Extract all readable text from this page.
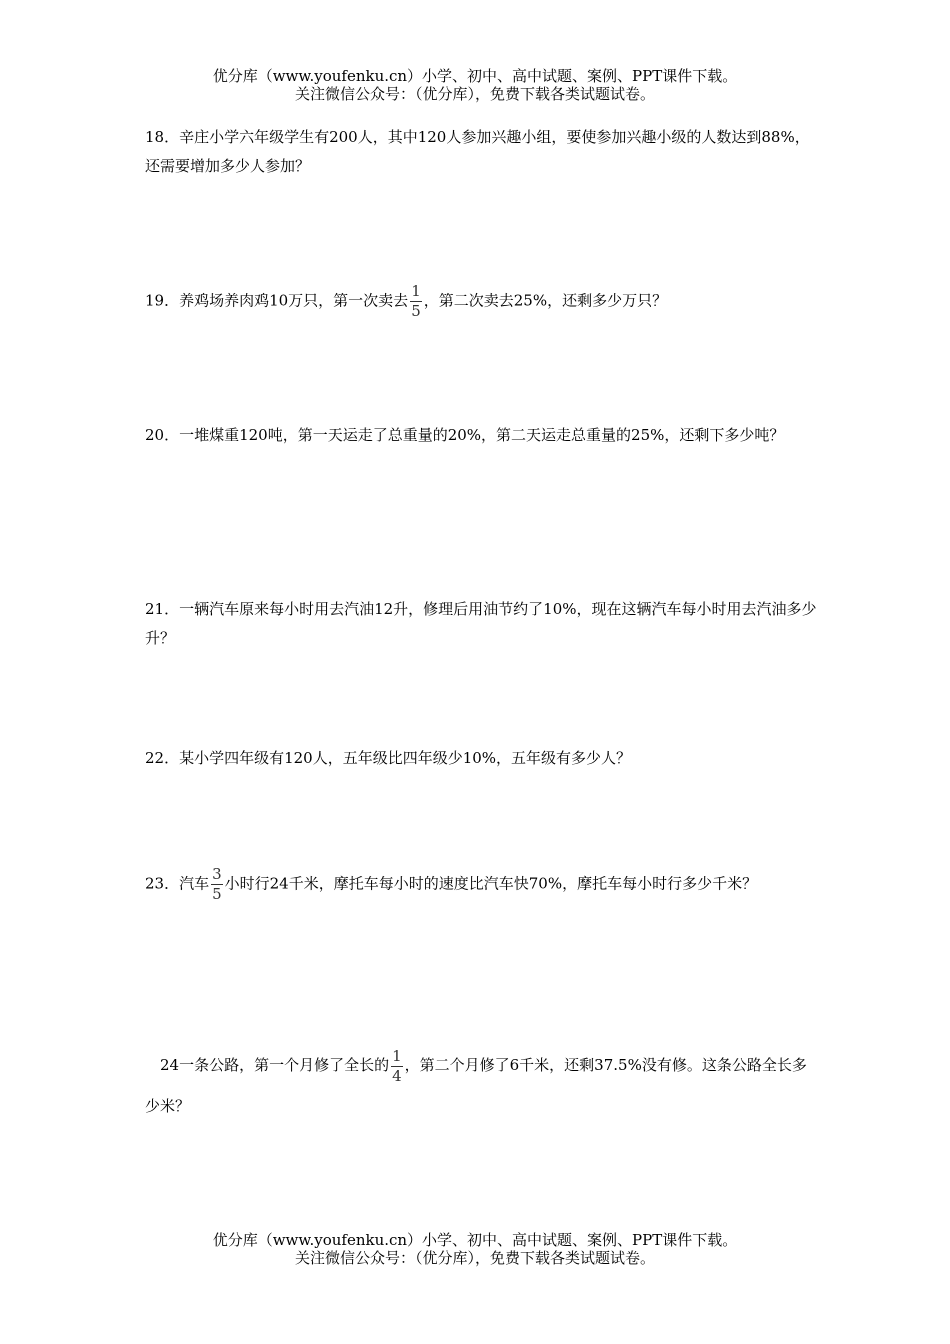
优分库（www.youfenku.cn）小学、初中、高中试题、案例、PPT课件下载。
关注微信公众号：（优分库），免费下载各类试题试卷。
18．辛庄小学六年级学生有200人，其中120人参加兴趣小组，要使参加兴趣小级的人数达到88%，还需要增加多少人参加？
19．养鸡场养肉鸡10万只，第一次卖去 $\frac{1}{5}$ ，第二次卖去25%，还剩多少万只？
20．一堆煤重120吨，第一天运走了总重量的20%，第二天运走总重量的25%，还剩下多少吨？
21．一辆汽车原来每小时用去汽油12升，修理后用油节约了10%，现在这辆汽车每小时用去汽油多少升？
22．某小学四年级有120人，五年级比四年级少10%，五年级有多少人？
23．汽车 $\frac{3}{5}$ 小时行24千米，摩托车每小时的速度比汽车快70%，摩托车每小时行多少千米？
24一条公路，第一个月修了全长的 $\frac{1}{4}$ ，第二个月修了6千米，还剩37.5%没有修。这条公路全长多少米？
优分库（www.youfenku.cn）小学、初中、高中试题、案例、PPT课件下载。
关注微信公众号：（优分库），免费下载各类试题试卷。
